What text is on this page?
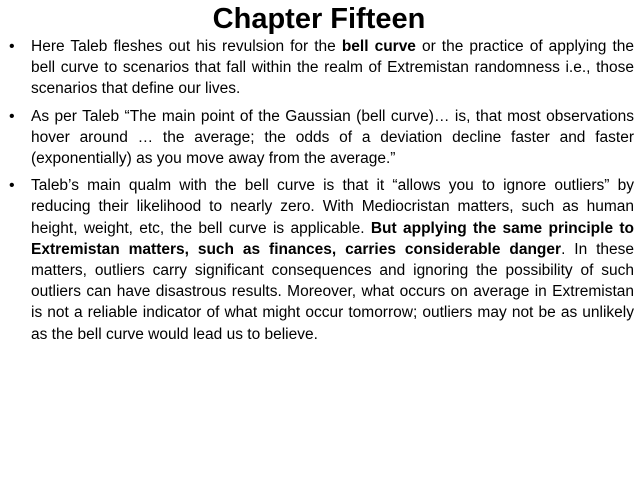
Chapter Fifteen
• Here Taleb fleshes out his revulsion for the bell curve or the practice of applying the bell curve to scenarios that fall within the realm of Extremistan randomness i.e., those scenarios that define our lives.
• As per Taleb “The main point of the Gaussian (bell curve)… is, that most observations hover around … the average; the odds of a deviation decline faster and faster (exponentially) as you move away from the average.”
• Taleb’s main qualm with the bell curve is that it “allows you to ignore outliers” by reducing their likelihood to nearly zero. With Mediocristan matters, such as human height, weight, etc, the bell curve is applicable. But applying the same principle to Extremistan matters, such as finances, carries considerable danger. In these matters, outliers carry significant consequences and ignoring the possibility of such outliers can have disastrous results. Moreover, what occurs on average in Extremistan is not a reliable indicator of what might occur tomorrow; outliers may not be as unlikely as the bell curve would lead us to believe.
